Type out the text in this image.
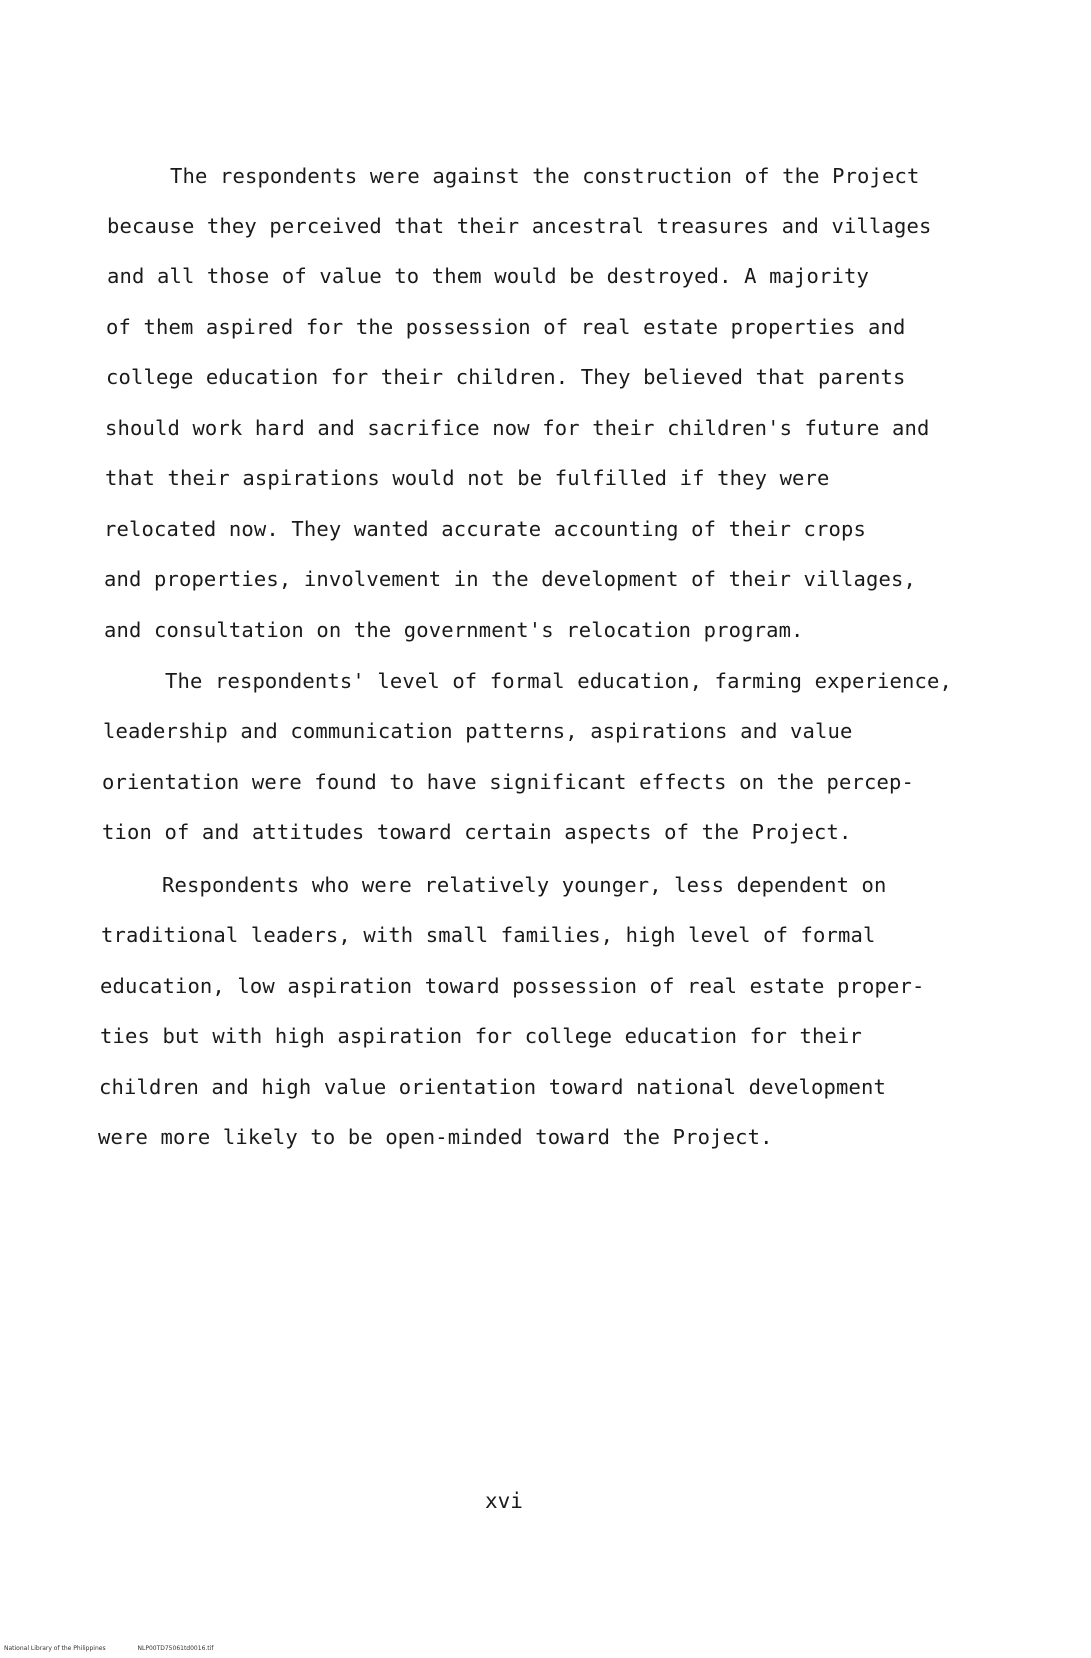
The respondents were against the construction of the Project
because they perceived that their ancestral treasures and villages
and all those of value to them would be destroyed. A majority
of them aspired for the possession of real estate properties and
college education for their children. They believed that parents
should work hard and sacrifice now for their children's future and
that their aspirations would not be fulfilled if they were
relocated now. They wanted accurate accounting of their crops
and properties, involvement in the development of their villages,
and consultation on the government's relocation program.
The respondents' level of formal education, farming experience,
leadership and communication patterns, aspirations and value
orientation were found to have significant effects on the percep-
tion of and attitudes toward certain aspects of the Project.
Respondents who were relatively younger, less dependent on
traditional leaders, with small families, high level of formal
education, low aspiration toward possession of real estate proper-
ties but with high aspiration for college education for their
children and high value orientation toward national development
were more likely to be open-minded toward the Project.
xvi
National Library of the Philippines	NLP00TD75061td0016.tif
